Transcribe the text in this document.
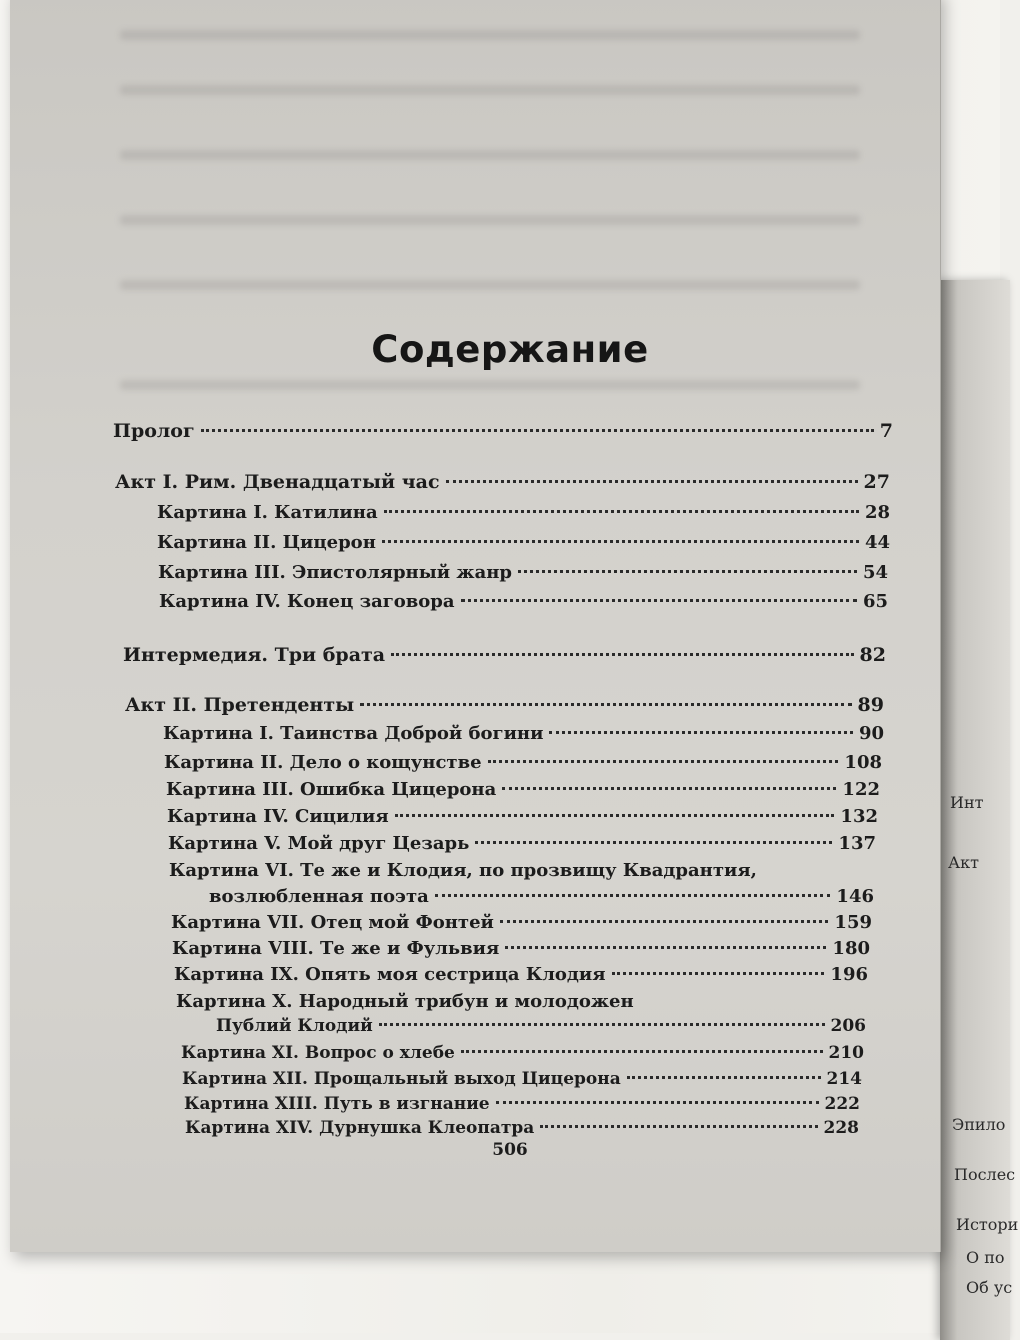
Инт
Акт
Эпило
Послес
Истори
О по
Об ус
Содержание
Пролог	7
Акт I. Рим. Двенадцатый час	27
Картина I. Катилина	28
Картина II. Цицерон	44
Картина III. Эпистолярный жанр	54
Картина IV. Конец заговора	65
Интермедия. Три брата	82
Акт II. Претенденты	89
Картина I. Таинства Доброй богини	90
Картина II. Дело о кощунстве	108
Картина III. Ошибка Цицерона	122
Картина IV. Сицилия	132
Картина V. Мой друг Цезарь	137
Картина VI. Те же и Клодия, по прозвищу Квадрантия,
возлюбленная поэта	146
Картина VII. Отец мой Фонтей	159
Картина VIII. Те же и Фульвия	180
Картина IX. Опять моя сестрица Клодия	196
Картина X. Народный трибун и молодожен
Публий Клодий	206
Картина XI. Вопрос о хлебе	210
Картина XII. Прощальный выход Цицерона	214
Картина XIII. Путь в изгнание	222
Картина XIV. Дурнушка Клеопатра	228
506
